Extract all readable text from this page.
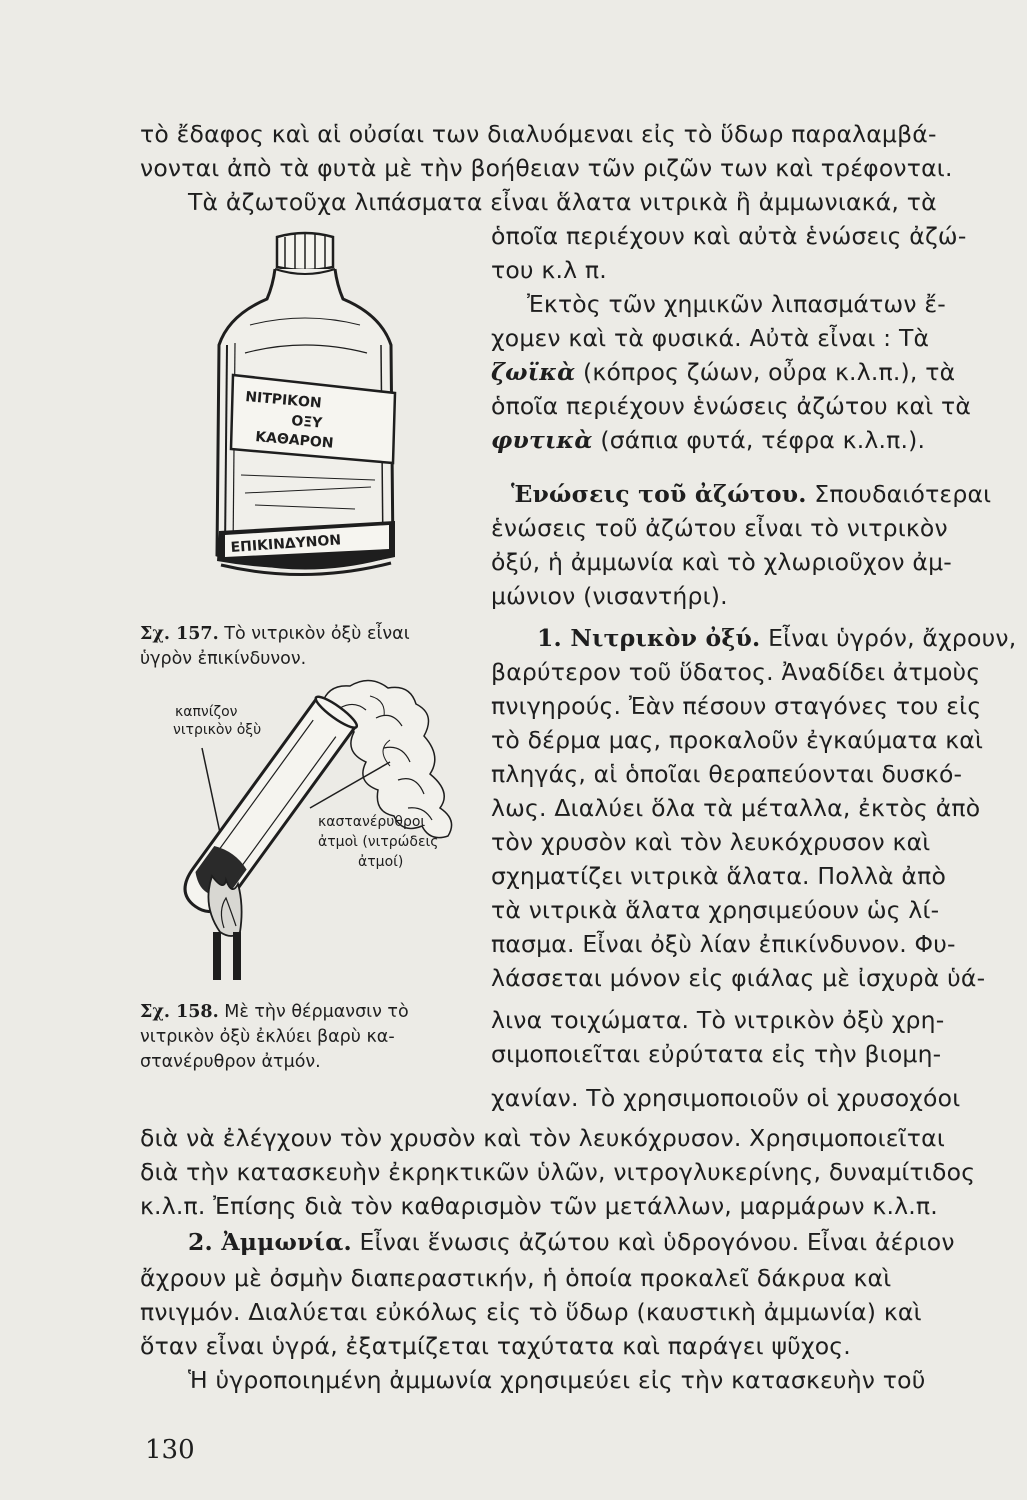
τὸ ἔδαφος καὶ αἱ οὐσίαι των διαλυόμεναι εἰς τὸ ὕδωρ παραλαμβά-
νονται ἀπὸ τὰ φυτὰ μὲ τὴν βοήθειαν τῶν ριζῶν των καὶ τρέφονται.
Τὰ ἀζωτοῦχα λιπάσματα εἶναι ἅλατα νιτρικὰ ἢ ἀμμωνιακά, τὰ
ὁποῖα περιέχουν καὶ αὐτὰ ἑνώσεις ἀζώ-
του κ.λ π.
Ἐκτὸς τῶν χημικῶν λιπασμάτων ἔ-
χομεν καὶ τὰ φυσικά. Αὐτὰ εἶναι : Τὰ
ζωϊκὰ (κόπρος ζώων, οὖρα κ.λ.π.), τὰ
ὁποῖα περιέχουν ἑνώσεις ἀζώτου καὶ τὰ
φυτικὰ (σάπια φυτά, τέφρα κ.λ.π.).
Ἑνώσεις τοῦ ἀζώτου. Σπουδαιότεραι
ἑνώσεις τοῦ ἀζώτου εἶναι τὸ νιτρικὸν
ὀξύ, ἡ ἀμμωνία καὶ τὸ χλωριοῦχον ἀμ-
μώνιον (νισαντήρι).
1. Νιτρικὸν ὀξύ. Εἶναι ὑγρόν, ἄχρουν,
βαρύτερον τοῦ ὕδατος. Ἀναδίδει ἀτμοὺς
πνιγηρούς. Ἐὰν πέσουν σταγόνες του εἰς
τὸ δέρμα μας, προκαλοῦν ἐγκαύματα καὶ
πληγάς, αἱ ὁποῖαι θεραπεύονται δυσκό-
λως. Διαλύει ὅλα τὰ μέταλλα, ἐκτὸς ἀπὸ
τὸν χρυσὸν καὶ τὸν λευκόχρυσον καὶ
σχηματίζει νιτρικὰ ἅλατα. Πολλὰ ἀπὸ
τὰ νιτρικὰ ἅλατα χρησιμεύουν ὡς λί-
πασμα. Εἶναι ὀξὺ λίαν ἐπικίνδυνον. Φυ-
λάσσεται μόνον εἰς φιάλας μὲ ἰσχυρὰ ὑά-
λινα τοιχώματα. Τὸ νιτρικὸν ὀξὺ χρη-
σιμοποιεῖται εὐρύτατα εἰς τὴν βιομη-
χανίαν. Τὸ χρησιμοποιοῦν οἱ χρυσοχόοι
διὰ νὰ ἐλέγχουν τὸν χρυσὸν καὶ τὸν λευκόχρυσον. Χρησιμοποιεῖται
διὰ τὴν κατασκευὴν ἐκρηκτικῶν ὑλῶν, νιτρογλυκερίνης, δυναμίτιδος
κ.λ.π. Ἐπίσης διὰ τὸν καθαρισμὸν τῶν μετάλλων, μαρμάρων κ.λ.π.
2. Ἀμμωνία. Εἶναι ἕνωσις ἀζώτου καὶ ὑδρογόνου. Εἶναι ἀέριον
ἄχρουν μὲ ὀσμὴν διαπεραστικήν, ἡ ὁποία προκαλεῖ δάκρυα καὶ
πνιγμόν. Διαλύεται εὐκόλως εἰς τὸ ὕδωρ (καυστικὴ ἀμμωνία) καὶ
ὅταν εἶναι ὑγρά, ἐξατμίζεται ταχύτατα καὶ παράγει ψῦχος.
Ἡ ὑγροποιημένη ἀμμωνία χρησιμεύει εἰς τὴν κατασκευὴν τοῦ
ΝΙΤΡΙΚΟΝ
ΟΞΥ
ΚΑΘΑΡΟΝ
ΕΠΙΚΙΝΔΥΝΟΝ
Σχ. 157. Τὸ νιτρικὸν ὀξὺ εἶναι
ὑγρὸν ἐπικίνδυνον.
καπνίζον
νιτρικὸν ὀξὺ
καστανέρυθροι
ἀτμοὶ (νιτρώδεις
ἀτμοί)
Σχ. 158. Μὲ τὴν θέρμανσιν τὸ
νιτρικὸν ὀξὺ ἐκλύει βαρὺ κα-
στανέρυθρον ἀτμόν.
130
